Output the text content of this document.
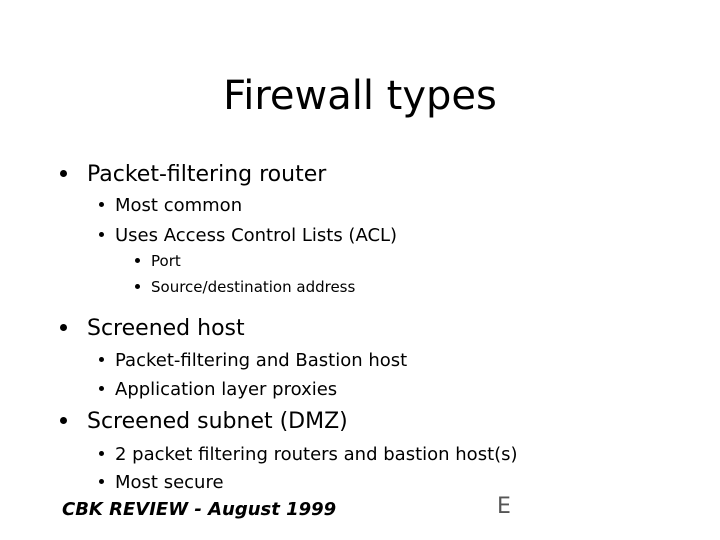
Firewall types
Packet-filtering router
Most common
Uses Access Control Lists (ACL)
Port
Source/destination address
Screened host
Packet-filtering and Bastion host
Application layer proxies
Screened subnet (DMZ)
2 packet filtering routers and bastion host(s)
Most secure
CBK REVIEW - August 1999	E
